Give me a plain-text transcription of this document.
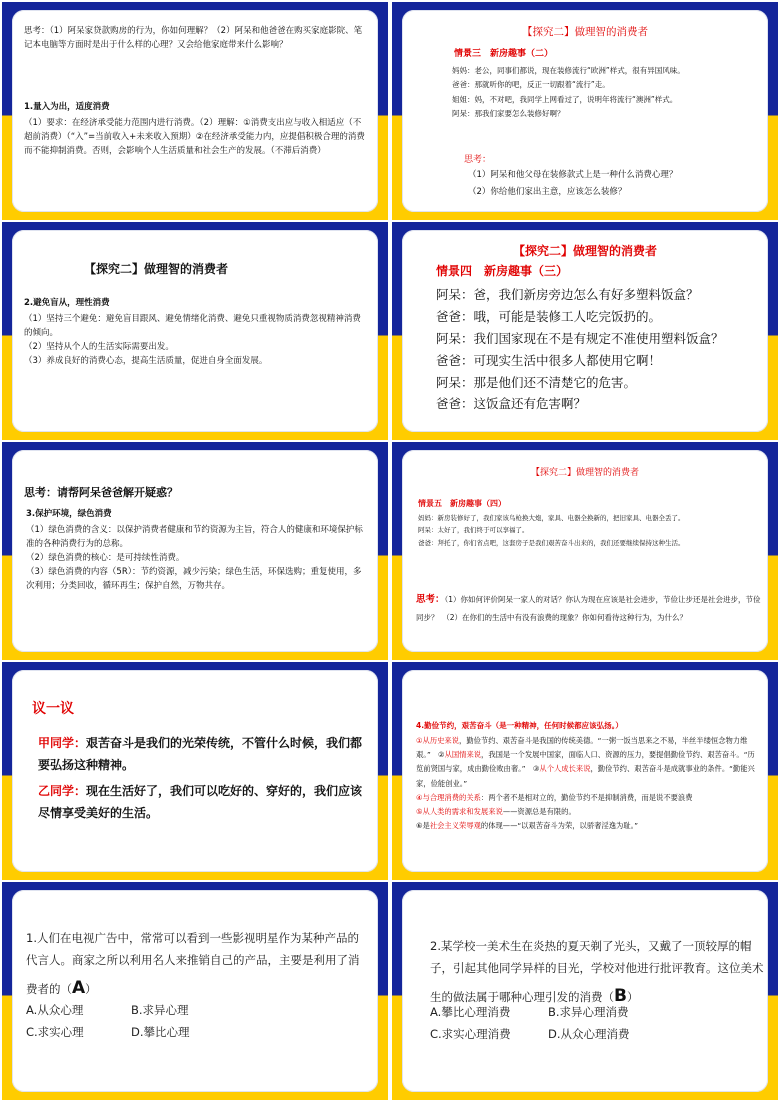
思考：（1）阿呆家贷款购房的行为，你如何理解？（2）阿呆和他爸爸在购买家庭影院、笔记本电脑等方面时是出于什么样的心理？又会给他家庭带来什么影响？

1.量入为出，适度消费

（1）要求：在经济承受能力范围内进行消费。（2）理解：①消费支出应与收入相适应（不超前消费）（“入”=当前收入+未来收入预期）②在经济承受能力内，应提倡积极合理的消费而不能抑制消费。否则，会影响个人生活质量和社会生产的发展。（不滞后消费）

【探究二】做理智的消费者

情景三　新房趣事（二）

妈妈：老公，同事们都说，现在装修流行“欧洲”样式，很有异国风味。

爸爸：那就听你的吧，反正一切跟着“流行”走。

姐姐：妈，不对吧，我同学上网看过了，说明年将流行“澳洲”样式。

阿呆：那我们家要怎么装修好啊？

思考：

（1）阿呆和他父母在装修款式上是一种什么消费心理？

（2）你给他们家出主意，应该怎么装修？

【探究二】做理智的消费者

2.避免盲从，理性消费

（1）坚持三个避免：避免盲目跟风、避免情绪化消费、避免只重视物质消费忽视精神消费的倾向。

（2）坚持从个人的生活实际需要出发。

（3）养成良好的消费心态，提高生活质量，促进自身全面发展。

【探究二】做理智的消费者

情景四　新房趣事（三）

阿呆：爸，我们新房旁边怎么有好多塑料饭盒？

爸爸：哦，可能是装修工人吃完饭扔的。

阿呆：我们国家现在不是有规定不准使用塑料饭盒？

爸爸：可现实生活中很多人都使用它啊！

阿呆：那是他们还不清楚它的危害。

爸爸：这饭盒还有危害啊？

思考：请帮阿呆爸爸解开疑惑？

3.保护环境，绿色消费

（1）绿色消费的含义：以保护消费者健康和节约资源为主旨，符合人的健康和环境保护标准的各种消费行为的总称。

（2）绿色消费的核心：是可持续性消费。

（3）绿色消费的内容（5R）：节约资源，减少污染；绿色生活，环保选购；重复使用，多次利用；分类回收，循环再生；保护自然，万物共存。

【探究二】做理智的消费者

情景五　新房趣事（四）

妈妈：新房装修好了，我们家该鸟枪换大炮，家具、电器全换新的，把旧家具、电器全丢了。

阿呆：太好了，我们终于可以享福了。

爸爸：拜托了，你们省点吧，这套房子是我们艰苦奋斗出来的，我们还要继续保持这种生活。

思考：（1）你如何评价阿呆一家人的对话？你认为现在应该是社会进步，节俭让步还是社会进步，节俭同步？　（2）在你们的生活中有没有浪费的现象？你如何看待这种行为，为什么？

议一议

甲同学：艰苦奋斗是我们的光荣传统，不管什么时候，我们都要弘扬这种精神。

乙同学：现在生活好了，我们可以吃好的、穿好的，我们应该尽情享受美好的生活。

4.勤俭节约，艰苦奋斗（是一种精神，任何时候都应该弘扬。）

①从历史来说，勤俭节约、艰苦奋斗是我国的传统美德。“一粥一饭当思来之不易，半丝半缕恒念物力维艰。”　②从国情来说，我国是一个发展中国家，面临人口、资源的压力，要提倡勤俭节约、艰苦奋斗。“历览前贤国与家，成由勤俭败由奢。”　③从个人成长来说，勤俭节约、艰苦奋斗是成就事业的条件。“勤能兴家，俭能创业。”

④与合理消费的关系：两个者不是相对立的，勤俭节约不是抑制消费，而是说不要浪费

⑤从人类的需求和发展来说——资源总是有限的。

⑥是社会主义荣辱观的体现——“以艰苦奋斗为荣，以骄奢淫逸为耻。”

1.人们在电视广告中，常常可以看到一些影视明星作为某种产品的代言人。商家之所以利用名人来推销自己的产品，主要是利用了消费者的（A）

A.从众心理	B.求异心理

C.求实心理	D.攀比心理

2.某学校一美术生在炎热的夏天剃了光头，又戴了一顶较厚的帽子，引起其他同学异样的目光，学校对他进行批评教育。这位美术生的做法属于哪种心理引发的消费（B）

A.攀比心理消费	B.求异心理消费

C.求实心理消费	D.从众心理消费
